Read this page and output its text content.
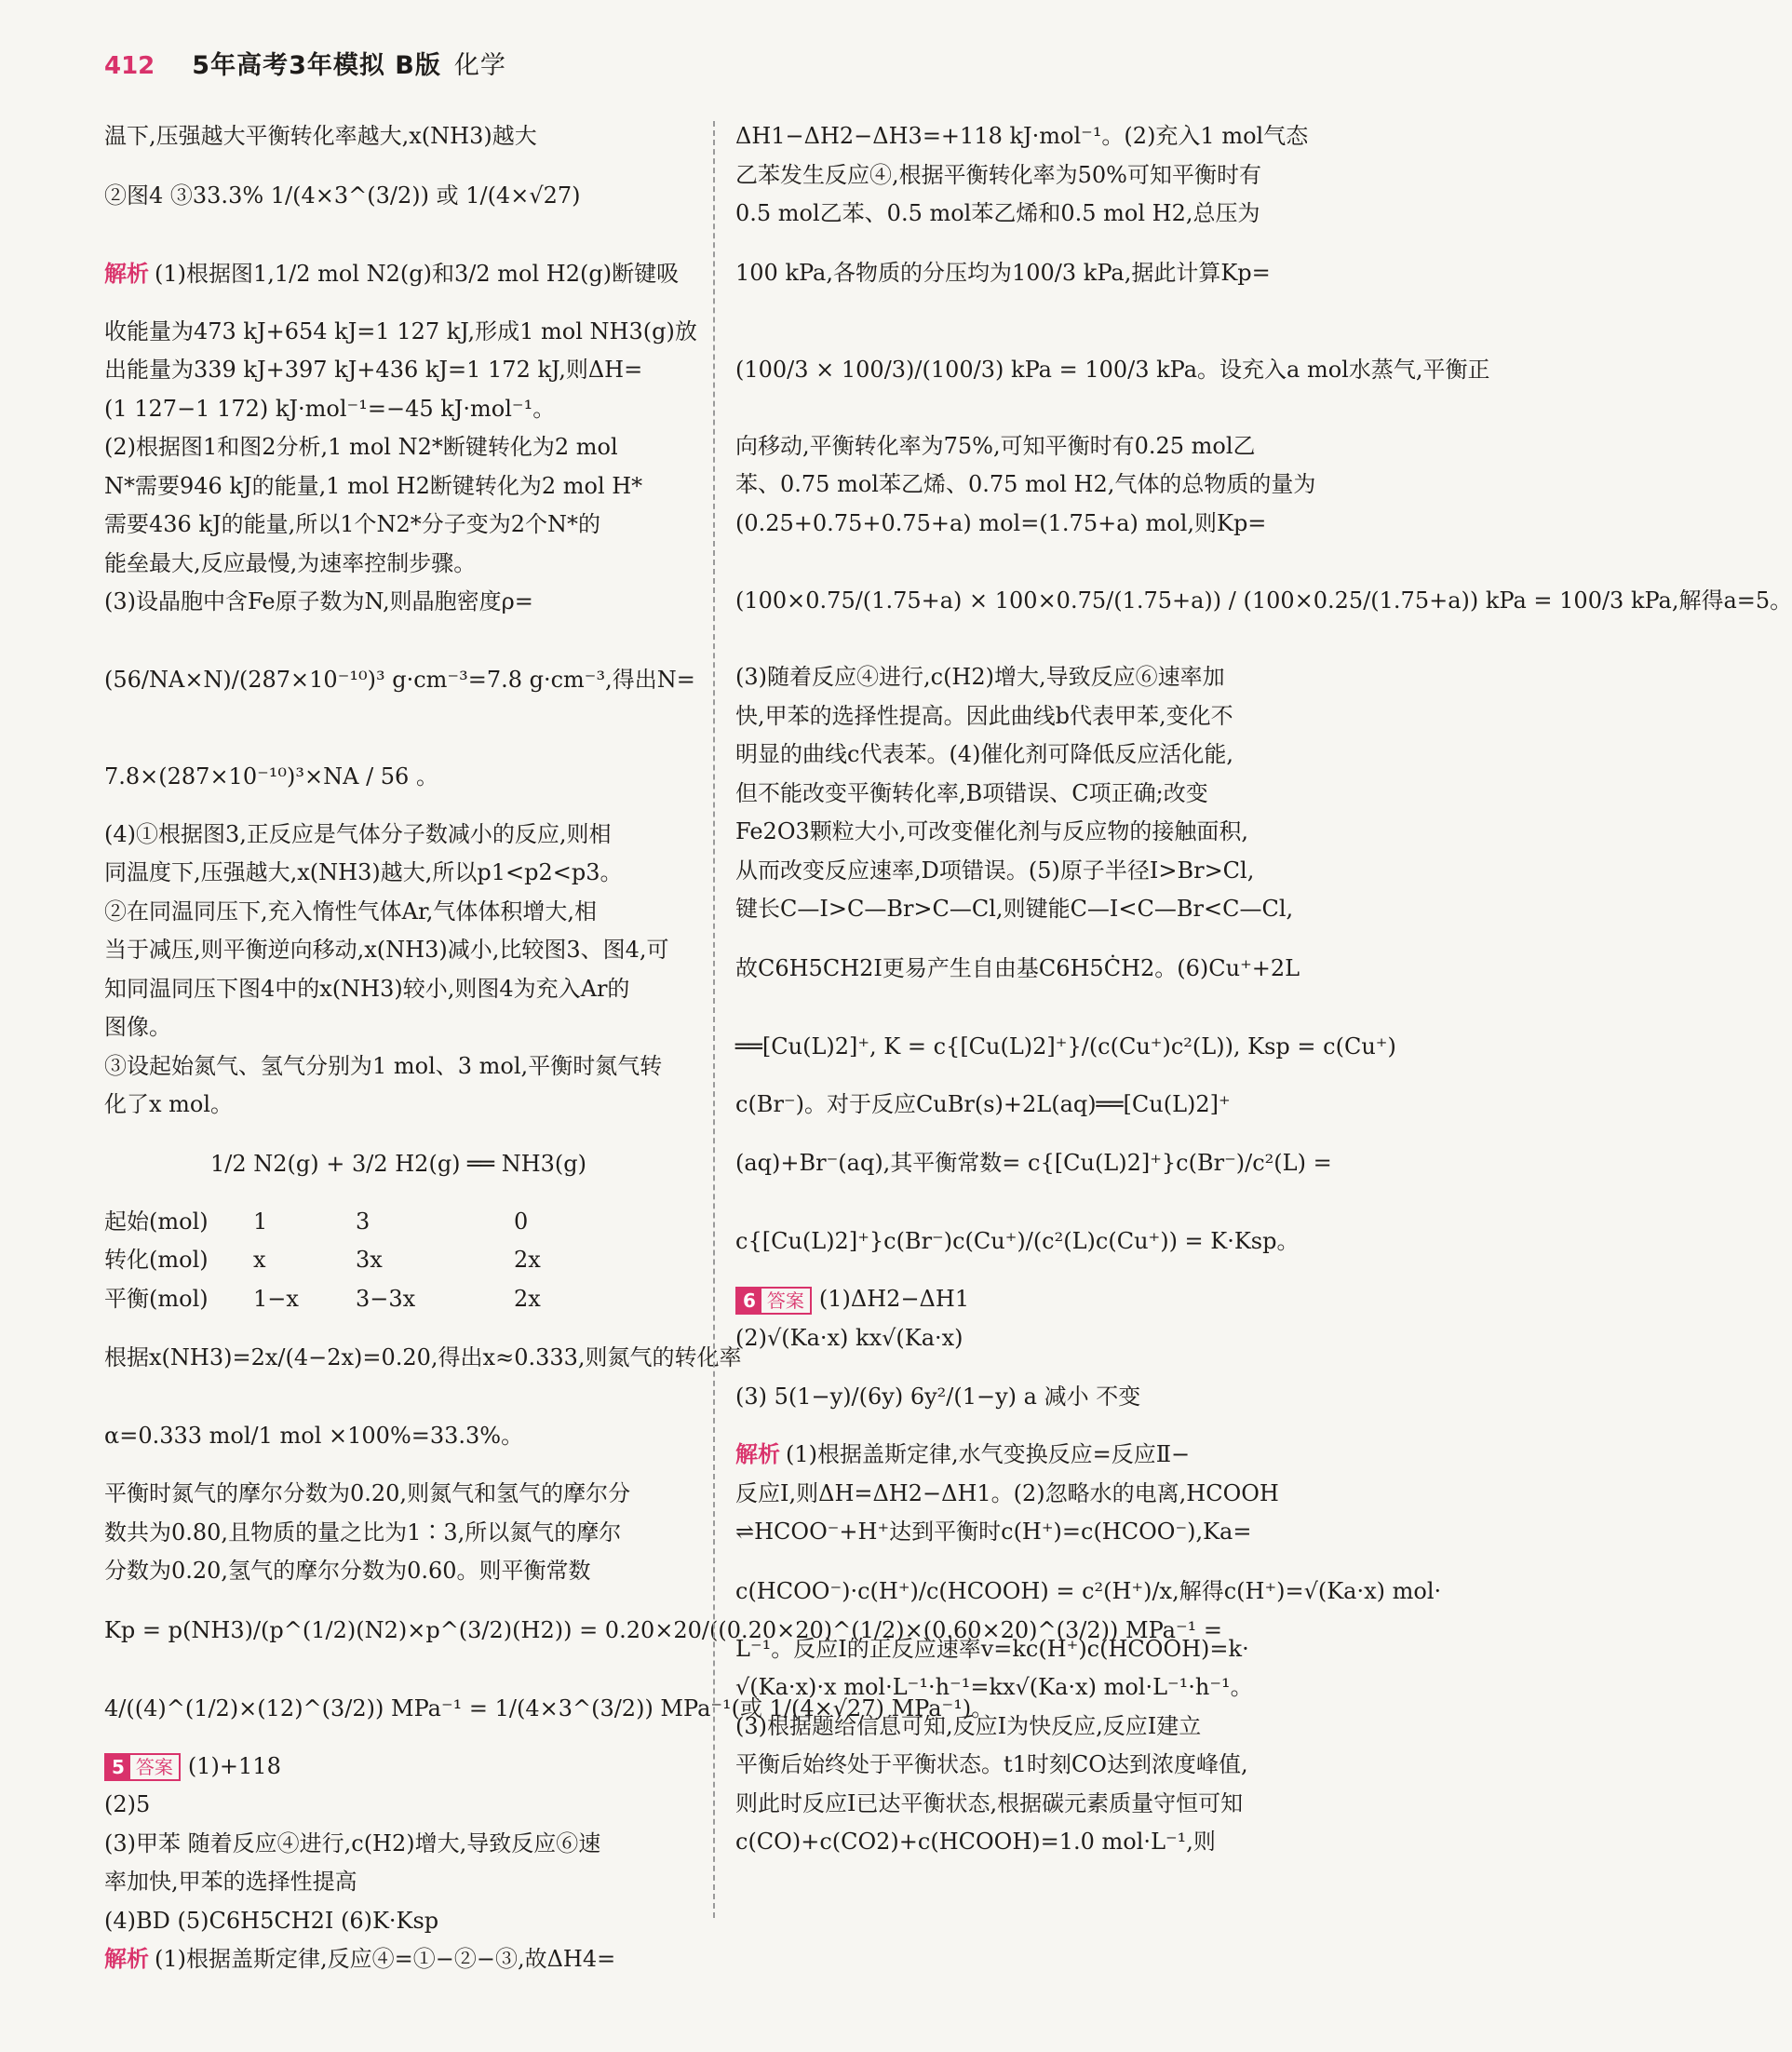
412 5年高考3年模拟 B版 化学
温下,压强越大平衡转化率越大,x(NH3)越大
②图4 ③33.3% 1/(4×3^(3/2)) 或 1/(4×√27)
解析 (1)根据图1,1/2 mol N2(g)和3/2 mol H2(g)断键吸
收能量为473 kJ+654 kJ=1 127 kJ,形成1 mol NH3(g)放
出能量为339 kJ+397 kJ+436 kJ=1 172 kJ,则ΔH=
(1 127−1 172) kJ·mol⁻¹=−45 kJ·mol⁻¹。
(2)根据图1和图2分析,1 mol N2*断键转化为2 mol
N*需要946 kJ的能量,1 mol H2断键转化为2 mol H*
需要436 kJ的能量,所以1个N2*分子变为2个N*的
能垒最大,反应最慢,为速率控制步骤。
(3)设晶胞中含Fe原子数为N,则晶胞密度ρ=
(56/NA×N)/(287×10⁻¹⁰)³ g·cm⁻³=7.8 g·cm⁻³,得出N=
7.8×(287×10⁻¹⁰)³×NA / 56 。
(4)①根据图3,正反应是气体分子数减小的反应,则相
同温度下,压强越大,x(NH3)越大,所以p1<p2<p3。
②在同温同压下,充入惰性气体Ar,气体体积增大,相
当于减压,则平衡逆向移动,x(NH3)减小,比较图3、图4,可
知同温同压下图4中的x(NH3)较小,则图4为充入Ar的
图像。
③设起始氮气、氢气分别为1 mol、3 mol,平衡时氮气转
化了x mol。
1/2 N2(g) + 3/2 H2(g) ══ NH3(g)
起始(mol)	1	3	0
转化(mol)	x	3x	2x
平衡(mol)	1−x	3−3x	2x
根据x(NH3)=2x/(4−2x)=0.20,得出x≈0.333,则氮气的转化率
α=0.333 mol/1 mol ×100%=33.3%。
平衡时氮气的摩尔分数为0.20,则氮气和氢气的摩尔分
数共为0.80,且物质的量之比为1∶3,所以氮气的摩尔
分数为0.20,氢气的摩尔分数为0.60。则平衡常数
Kp = p(NH3)/(p^(1/2)(N2)×p^(3/2)(H2)) = 0.20×20/((0.20×20)^(1/2)×(0.60×20)^(3/2)) MPa⁻¹ =
4/((4)^(1/2)×(12)^(3/2)) MPa⁻¹ = 1/(4×3^(3/2)) MPa⁻¹(或 1/(4×√27) MPa⁻¹)。
5 答案 (1)+118
(2)5
(3)甲苯 随着反应④进行,c(H2)增大,导致反应⑥速
率加快,甲苯的选择性提高
(4)BD (5)C6H5CH2I (6)K·Ksp
解析 (1)根据盖斯定律,反应④=①−②−③,故ΔH4=
ΔH1−ΔH2−ΔH3=+118 kJ·mol⁻¹。(2)充入1 mol气态
乙苯发生反应④,根据平衡转化率为50%可知平衡时有
0.5 mol乙苯、0.5 mol苯乙烯和0.5 mol H2,总压为
100 kPa,各物质的分压均为100/3 kPa,据此计算Kp=
(100/3 × 100/3)/(100/3) kPa = 100/3 kPa。设充入a mol水蒸气,平衡正
向移动,平衡转化率为75%,可知平衡时有0.25 mol乙
苯、0.75 mol苯乙烯、0.75 mol H2,气体的总物质的量为
(0.25+0.75+0.75+a) mol=(1.75+a) mol,则Kp=
(100×0.75/(1.75+a) × 100×0.75/(1.75+a)) / (100×0.25/(1.75+a)) kPa = 100/3 kPa,解得a=5。
(3)随着反应④进行,c(H2)增大,导致反应⑥速率加
快,甲苯的选择性提高。因此曲线b代表甲苯,变化不
明显的曲线c代表苯。(4)催化剂可降低反应活化能,
但不能改变平衡转化率,B项错误、C项正确;改变
Fe2O3颗粒大小,可改变催化剂与反应物的接触面积,
从而改变反应速率,D项错误。(5)原子半径I>Br>Cl,
键长C—I>C—Br>C—Cl,则键能C—I<C—Br<C—Cl,
故C6H5CH2I更易产生自由基C6H5ĊH2。(6)Cu⁺+2L
══[Cu(L)2]⁺, K = c{[Cu(L)2]⁺}/(c(Cu⁺)c²(L)), Ksp = c(Cu⁺)
c(Br⁻)。对于反应CuBr(s)+2L(aq)══[Cu(L)2]⁺
(aq)+Br⁻(aq),其平衡常数= c{[Cu(L)2]⁺}c(Br⁻)/c²(L) =
c{[Cu(L)2]⁺}c(Br⁻)c(Cu⁺)/(c²(L)c(Cu⁺)) = K·Ksp。
6 答案 (1)ΔH2−ΔH1
(2)√(Ka·x) kx√(Ka·x)
(3) 5(1−y)/(6y) 6y²/(1−y) a 减小 不变
解析 (1)根据盖斯定律,水气变换反应=反应Ⅱ−
反应Ⅰ,则ΔH=ΔH2−ΔH1。(2)忽略水的电离,HCOOH
⇌HCOO⁻+H⁺达到平衡时c(H⁺)=c(HCOO⁻),Ka=
c(HCOO⁻)·c(H⁺)/c(HCOOH) = c²(H⁺)/x,解得c(H⁺)=√(Ka·x) mol·
L⁻¹。反应Ⅰ的正反应速率v=kc(H⁺)c(HCOOH)=k·
√(Ka·x)·x mol·L⁻¹·h⁻¹=kx√(Ka·x) mol·L⁻¹·h⁻¹。
(3)根据题给信息可知,反应Ⅰ为快反应,反应Ⅰ建立
平衡后始终处于平衡状态。t1时刻CO达到浓度峰值,
则此时反应Ⅰ已达平衡状态,根据碳元素质量守恒可知
c(CO)+c(CO2)+c(HCOOH)=1.0 mol·L⁻¹,则
